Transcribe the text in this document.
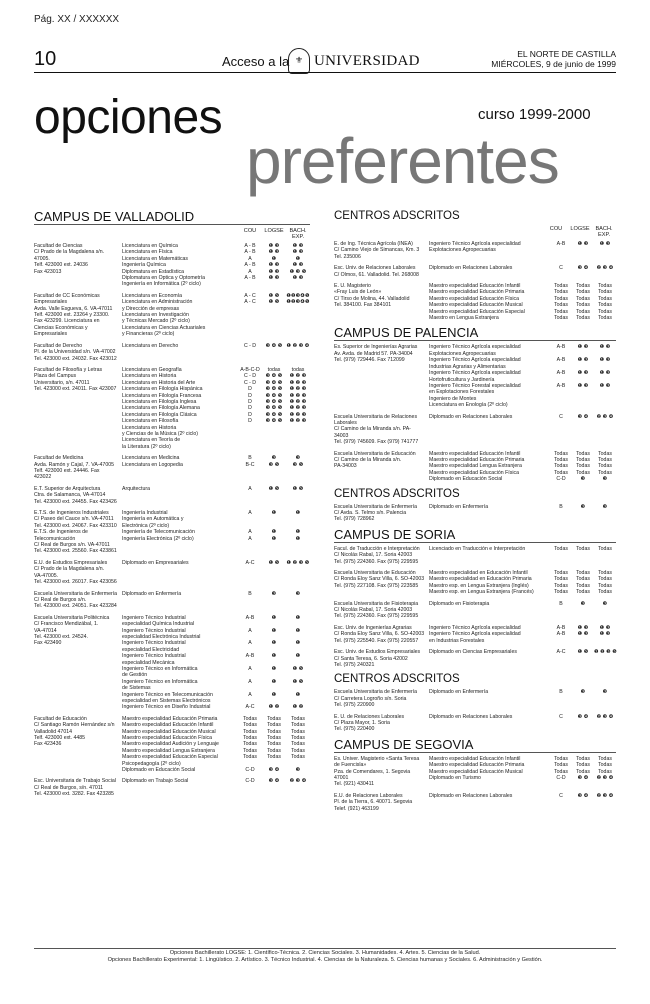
Pág. XX / XXXXXX
10	Acceso a la ⚜ UNIVERSIDAD	EL NORTE DE CASTILLA
MIÉRCOLES, 9 de junio de 1999
opciones	curso 1999-2000
preferentes
CAMPUS DE VALLADOLID
COU	LOGSE	BACH. EXP.
Facultad de Ciencias
C/ Prado de la Magdalena s/n.
47005.
Telf. 423000 ext. 24036
Fax 423013
Licenciatura en Química	A - B	❶ ❸	❶ ❸
Licenciatura en Física	A - B	❶ ❸	❶ ❸
Licenciatura en Matemáticas	A	❶	❶
Ingeniería Química	A - B	❶ ❸	❶ ❸
Diplomatura en Estadística	A	❶ ❸	❶ ❸ ❺
Diplomatura en Óptica y Optometría	A - B	❶ ❸	❶ ❸
Ingeniería en Informática (2º ciclo)
Facultad de CC Económicas
Empresariales
Avda. Valle Esgueva, 6. VA-47011
Telf. 423000 ext. 23264 y 23300.
Fax 423299. Licenciatura en
Ciencias Económicas y Empresariales
Licenciatura en Economía	A - C	❶ ❺	❶❷❸❹❺
Licenciatura en Administración	A - C	❶ ❺	❶❷❸❹❺
y Dirección de empresas
Licenciatura en Investigación
y Técnicas Mercado (2º ciclo)
Licenciatura en Ciencias Actuariales
y Financieras (2º ciclo)
Facultad de Derecho
Pl. de la Universidad s/n. VA-47002
Tel. 423000 ext. 24032. Fax 423012
Licenciatura en Derecho	C - D	❸ ❹ ❺ ❶ ❷ ❸ ❹
Facultad de Filosofía y Letras
Plaza del Campus
Universitario, s/n. 47011
Tel. 423000 ext. 24011. Fax 423007
Licenciatura en Geografía	A-B-C-D	todas	todas
Licenciatura en Historia	C - D	❸ ❹ ❺	❶ ❷ ❸
Licenciatura en Historia del Arte	C - D	❸ ❹ ❺	❶ ❷ ❸
Licenciatura en Filología Hispánica	D	❸ ❹ ❺	❶ ❷ ❸
Licenciatura en Filología Francesa	D	❸ ❹ ❺	❶ ❷ ❸
Licenciatura en Filología Inglesa	D	❸ ❹ ❺	❶ ❷ ❸
Licenciatura en Filología Alemana	D	❸ ❹ ❺	❶ ❷ ❸
Licenciatura en Filología Clásica	D	❸ ❹ ❺	❶ ❷ ❸
Licenciatura en Filosofía	D	❸ ❹ ❺	❶ ❷ ❸
Licenciatura en Historia
y Ciencias de la Música (2º ciclo)
Licenciatura en Teoría de
la Literatura (2º ciclo)
Facultad de Medicina
Avda. Ramón y Cajal, 7. VA-47005
Telf. 423000 ext. 24446. Fax 423022
Licenciatura en Medicina	B	❸	❸
Licenciatura en Logopedia	B-C	❸ ❺	❸ ❺
E.T. Superior de Arquitectura
Ctra. de Salamanca, VA-47014
Tel. 423000 ext. 24455. Fax 423426
Arquitectura	A	❶ ❺	❶ ❺
E.T.S. de Ingenieros Industriales
C/ Paseo del Cauce s/n. VA-47011
Tel. 423000 ext. 24067. Fax 423310
E.T.S. de Ingenieros de
Telecomunicación
C/ Real de Burgos s/n. VA-47011
Tel. 423000 ext. 25560. Fax 423861
Ingeniería Industrial	A	❶	❶
Ingeniería en Automática y
Electrónica (2º ciclo)
Ingeniería de Telecomunicación	A	❶	❶
Ingeniería Electrónica (2º ciclo)	A	❶	❶
E.U. de Estudios Empresariales
C/ Prado de la Magdalena s/n.
VA-47005.
Tel. 423000 ext. 26017. Fax 423056
Diplomado en Empresariales	A-C	❶ ❺	❶ ❷ ❸ ❺
Escuela Universitaria de Enfermería
C/ Real de Burgos s/n.
Tel. 423000 ext. 24051. Fax 423284
Diplomado en Enfermería	B	❸	❸
Escuela Universitaria Politécnica
C/ Francisco Mendizábal, 1.
VA-47014
Tel. 423000 ext. 24524.
Fax 423490
Ingeniero Técnico Industrial	A-B	❶	❶
especialidad Química Industrial
Ingeniero Técnico Industrial	A	❶	❶
especialidad Electrónica Industrial
Ingeniero Técnico Industrial	A	❶	❶
especialidad Electricidad
Ingeniero Técnico Industrial	A-B	❶	❶
especialidad Mecánica
Ingeniero Técnico en Informática	A	❶	❶ ❺
de Gestión
Ingeniero Técnico en Informática	A	❶	❶ ❺
de Sistemas
Ingeniero Técnico en Telecomunicación	A	❶	❶
especialidad en Sistemas Electrónicos
Ingeniero Técnico en Diseño Industrial	A-C	❶ ❷	❶ ❷
Facultad de Educación
C/ Santiago Ramón Hernández s/n
Valladolid 47014
Telf. 423000 ext. 4485
Fax 423436
Maestro especialidad Educación Primaria	Todas	Todas	Todas
Maestro especialidad Educación Infantil	Todas	Todas	Todas
Maestro especialidad Educación Musical	Todas	Todas	Todas
Maestro especialidad Educación Física	Todas	Todas	Todas
Maestro especialidad Audición y Lenguaje	Todas	Todas	Todas
Maestro especialidad Lengua Extranjera	Todas	Todas	Todas
Maestro especialidad Educación Especial	Todas	Todas	Todas
Psicopedagogía (2º ciclo)
Diplomado en Educación Social	C-D	❸ ❹	❸
Esc. Universitaria de Trabajo Social
C/ Real de Burgos, s/n. 47011
Tel. 423000 ext. 3282. Fax 423285
Diplomado en Trabajo Social	C-D	❸ ❹	❷ ❸ ❹
CENTROS ADSCRITOS
COU	LOGSE	BACH. EXP.
E. de Ing. Técnica Agrícola (INEA)
C/ Camino Viejo de Simancas, Km. 3
Tel. 235006
Ingeniero Técnico Agrícola especialidad	A-B	❶ ❸	❶ ❸
Explotaciones Agropecuarias
Esc. Univ. de Relaciones Laborales
C/ Olmos, 61. Valladolid. Tel. 268008
Diplomado en Relaciones Laborales	C	❸ ❹	❷ ❸ ❹
E. U. Magisterio
«Fray Luis de León»
C/ Tirso de Molina, 44. Valladolid
Tel. 384100. Fax 384101
Maestro especialidad Educación Infantil	Todas	Todas	Todas
Maestro especialidad Educación Primaria	Todas	Todas	Todas
Maestro especialidad Educación Física	Todas	Todas	Todas
Maestro especialidad Educación Musical	Todas	Todas	Todas
Maestro especialidad Educación Especial	Todas	Todas	Todas
Maestro en Lengua Extranjera	Todas	Todas	Todas
CAMPUS DE PALENCIA
Es. Superior de Ingenierías Agrarias
Av. Avda. de Madrid 57. PA-34004
Tel. (979) 729446. Fax 712099
Ingeniero Técnico Agrícola especialidad	A-B	❶ ❸	❶ ❸
Explotaciones Agropecuarias
Ingeniero Técnico Agrícola especialidad	A-B	❶ ❸	❶ ❸
Industrias Agrarias y Alimentarias
Ingeniero Técnico Agrícola especialidad	A-B	❶ ❸	❶ ❸
Hortofruticultura y Jardinería
Ingeniero Técnico Forestal especialidad	A-B	❶ ❸	❶ ❸
en Explotaciones Forestales
Ingeniero de Montes
Licenciatura en Enología (2º ciclo)
Escuela Universitaria de Relaciones
Laborales
C/ Camino de la Miranda s/n. PA-34003
Tel. (979) 745609. Fax (979) 741777
Diplomado en Relaciones Laborales	C	❸ ❹	❷ ❸ ❹
Escuela Universitaria de Educación
C/ Camino de la Miranda s/n.
PA-34003
Maestro especialidad Educación Infantil	Todas	Todas	Todas
Maestro especialidad Educación Primaria	Todas	Todas	Todas
Maestro especialidad Lengua Extranjera	Todas	Todas	Todas
Maestro especialidad Educación Física	Todas	Todas	Todas
Diplomado en Educación Social	C-D	❸	❸
CENTROS ADSCRITOS
Escuela Universitaria de Enfermería
C/ Avda. S. Telmo s/n. Palencia
Tel. (979) 728962
Diplomado en Enfermería	B	❸	❸
CAMPUS DE SORIA
Facul. de Traducción e Interpretación
C/ Nicolás Rabal, 17. Soria 42003
Tel. (975) 224360. Fax (975) 229595
Licenciado en Traducción e Interpretación	Todas	Todas	Todas
Escuela Universitaria de Educación
C/ Ronda Eloy Sanz Villa, 6. SO-42003
Tel. (975) 227108. Fax (975) 223585
Maestro especialidad en Educación Infantil	Todas	Todas	Todas
Maestro especialidad en Educación Primaria	Todas	Todas	Todas
Maestro esp. en Lengua Extranjera (Inglés)	Todas	Todas	Todas
Maestro esp. en Lengua Extranjera (Francés)	Todas	Todas	Todas
Escuela Universitaria de Fisioterapia
C/ Nicolás Rabal, 17. Soria 42003
Tel. (975) 224360. Fax (975) 229595
Diplomado en Fisioterapia	B	❸	❸
Esc. Univ. de Ingenierías Agrarias
C/ Ronda Eloy Sanz Villa, 6. SO-42003
Tel. (975) 225540. Fax (975) 220557
Ingeniero Técnico Agrícola especialidad	A-B	❶ ❸	❶ ❸
Ingeniero Técnico Agrícola especialidad	A-B	❶ ❸	❶ ❸
en Industrias Forestales
Esc. Univ. de Estudios Empresariales
C/ Santa Teresa, 6. Soria 42002
Tel. (975) 240321
Diplomado en Ciencias Empresariales	A-C	❶ ❺	❶ ❷ ❸ ❺
CENTROS ADSCRITOS
Escuela Universitaria de Enfermería
C/ Carretera Logroño s/n. Soria
Tel. (975) 220900
Diplomado en Enfermería	B	❸	❸
E. U. de Relaciones Laborales
C/ Plaza Mayor, 1. Soria
Tel. (975) 220400
Diplomado en Relaciones Laborales	C	❸ ❹	❷ ❸ ❹
CAMPUS DE SEGOVIA
Es. Univer. Magisterio «Santa Teresa
de Fuencisla»
Pza. de Comendares, 1. Segovia 47001
Tel. (921) 430411
Maestro especialidad Educación Infantil	Todas	Todas	Todas
Maestro especialidad Educación Primaria	Todas	Todas	Todas
Maestro especialidad Educación Musical	Todas	Todas	Todas
Diplomado en Turismo	C-D	❸ ❹	❷ ❸ ❹
E.U. de Relaciones Laborales
Pl. de la Tierra, 6. 40071. Segovia
Telef. (921) 463199
Diplomado en Relaciones Laborales	C	❸ ❹	❷ ❸ ❹
Opciones Bachillerato LOGSE: 1. Científico-Técnica. 2. Ciencias Sociales. 3. Humanidades. 4. Artes. 5. Ciencias de la Salud.
Opciones Bachillerato Experimental: 1. Lingüístico. 2. Artístico. 3. Técnico Industrial. 4. Ciencias de la Naturaleza. 5. Ciencias humanas y Sociales. 6. Administración y Gestión.
